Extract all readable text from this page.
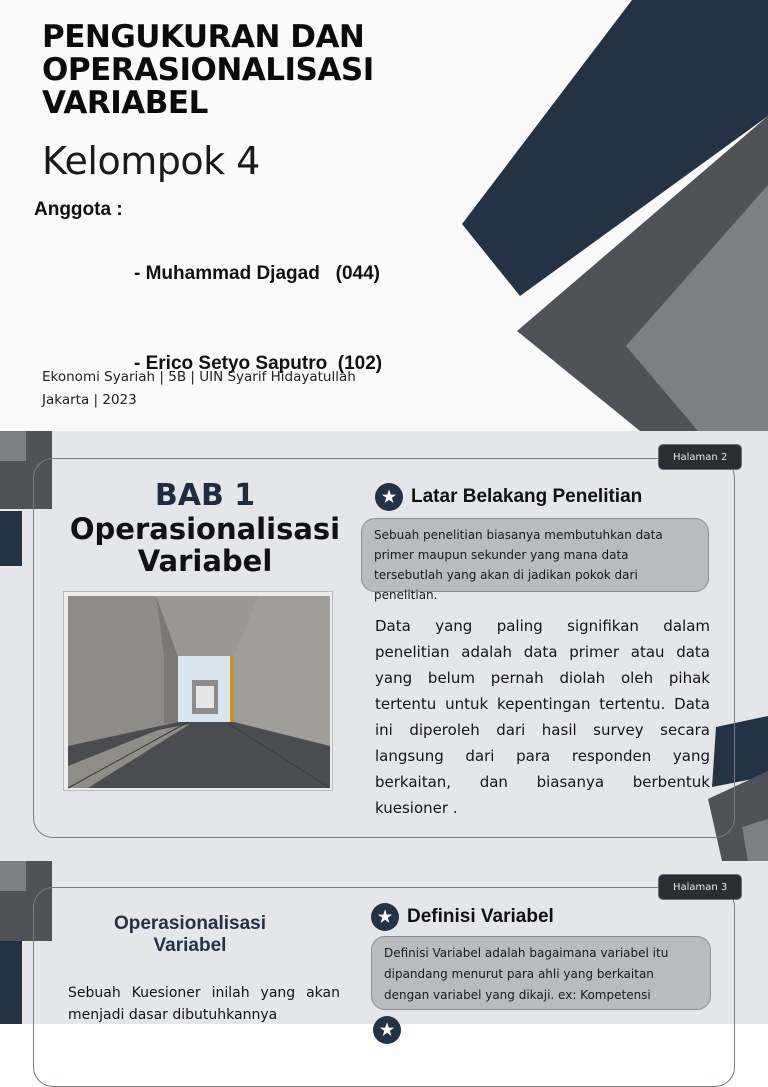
PENGUKURAN DAN
OPERASIONALISASI
VARIABEL
Kelompok 4
Anggota :

- Muhammad Djagad   (044)

- Erico Setyo Saputro  (102)

Ekonomi Syariah | 5B | UIN Syarif Hidayatullah
Jakarta | 2023
Halaman 2
BAB 1
Operasionalisasi
Variabel
★ Latar Belakang Penelitian
Sebuah penelitian biasanya membutuhkan data primer maupun sekunder yang mana data tersebutlah yang akan di jadikan pokok dari penelitian.
Data yang paling signifikan dalam penelitian adalah data primer atau data yang belum pernah diolah oleh pihak tertentu untuk kepentingan tertentu. Data ini diperoleh dari hasil survey secara langsung dari para responden yang berkaitan, dan biasanya berbentuk kuesioner .
Halaman 3
Operasionalisasi
Variabel
★ Definisi Variabel
Definisi Variabel adalah bagaimana variabel itu dipandang menurut para ahli yang berkaitan dengan variabel yang dikaji. ex: Kompetensi
★
Sebuah Kuesioner inilah yang akan menjadi dasar dibutuhkannya
